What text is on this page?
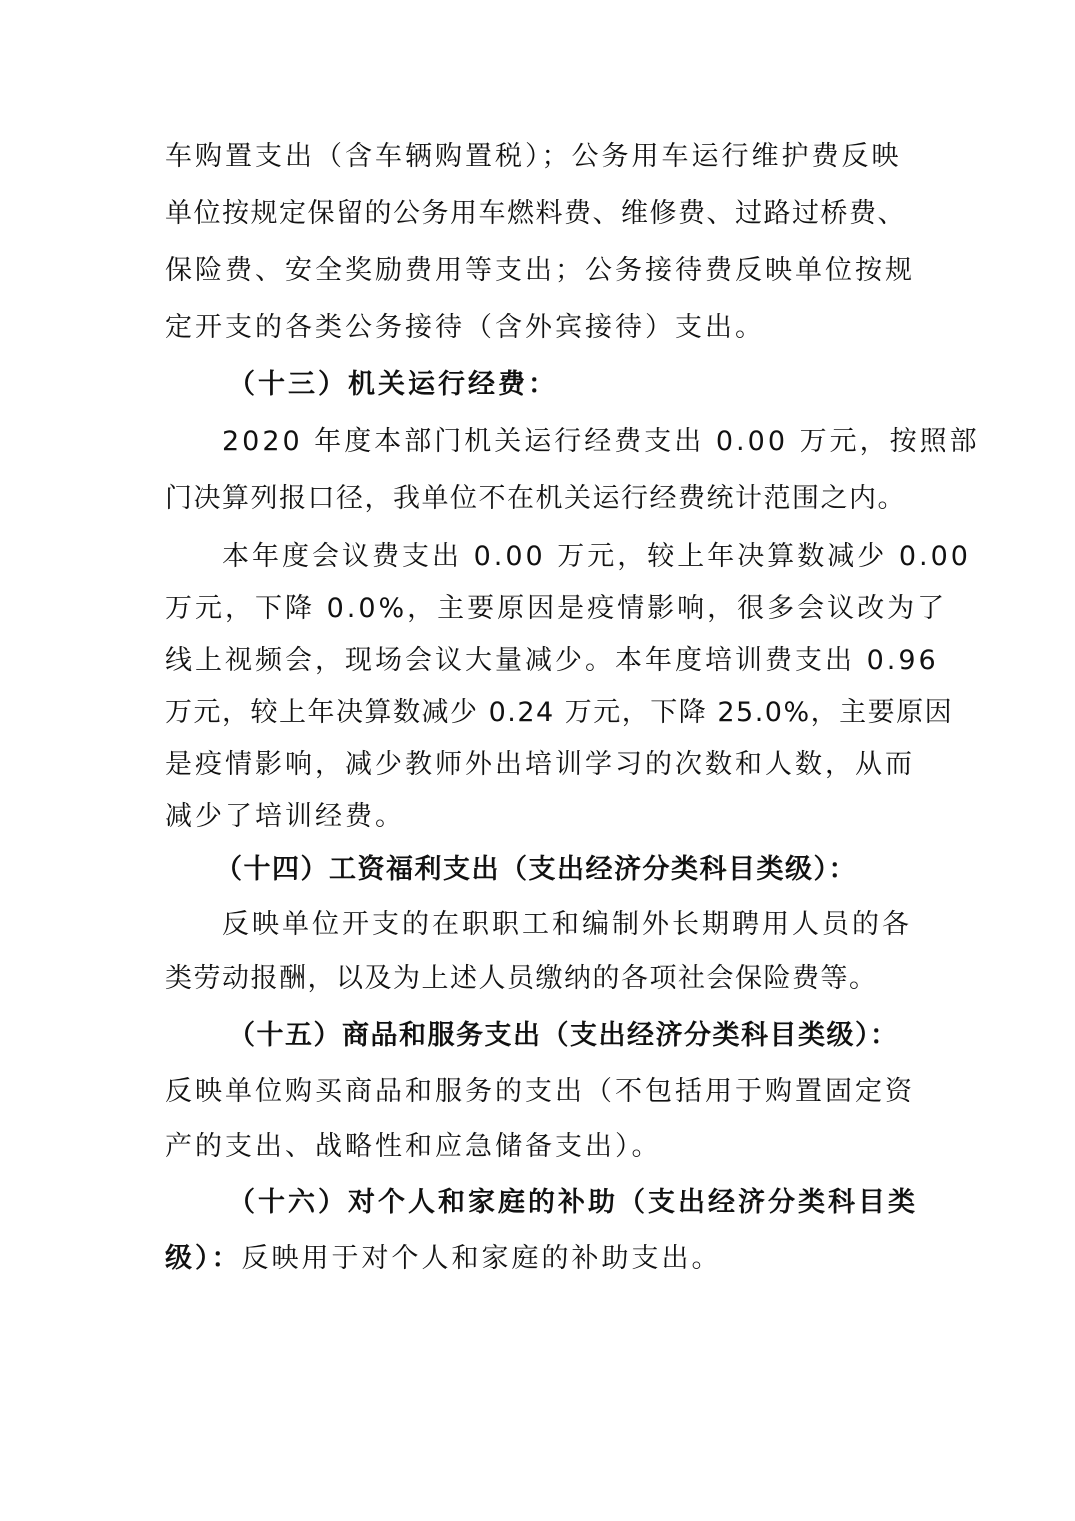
车购置支出（含车辆购置税）；公务用车运行维护费反映
单位按规定保留的公务用车燃料费、维修费、过路过桥费、
保险费、安全奖励费用等支出；公务接待费反映单位按规
定开支的各类公务接待（含外宾接待）支出。
（十三）机关运行经费：
2020 年度本部门机关运行经费支出 0.00 万元，按照部
门决算列报口径，我单位不在机关运行经费统计范围之内。
本年度会议费支出 0.00 万元，较上年决算数减少 0.00
万元，下降 0.0%，主要原因是疫情影响，很多会议改为了
线上视频会，现场会议大量减少。本年度培训费支出 0.96
万元，较上年决算数减少 0.24 万元，下降 25.0%，主要原因
是疫情影响，减少教师外出培训学习的次数和人数，从而
减少了培训经费。
（十四）工资福利支出（支出经济分类科目类级）：
反映单位开支的在职职工和编制外长期聘用人员的各
类劳动报酬，以及为上述人员缴纳的各项社会保险费等。
（十五）商品和服务支出（支出经济分类科目类级）：
反映单位购买商品和服务的支出（不包括用于购置固定资
产的支出、战略性和应急储备支出）。
（十六）对个人和家庭的补助（支出经济分类科目类
级）：反映用于对个人和家庭的补助支出。
